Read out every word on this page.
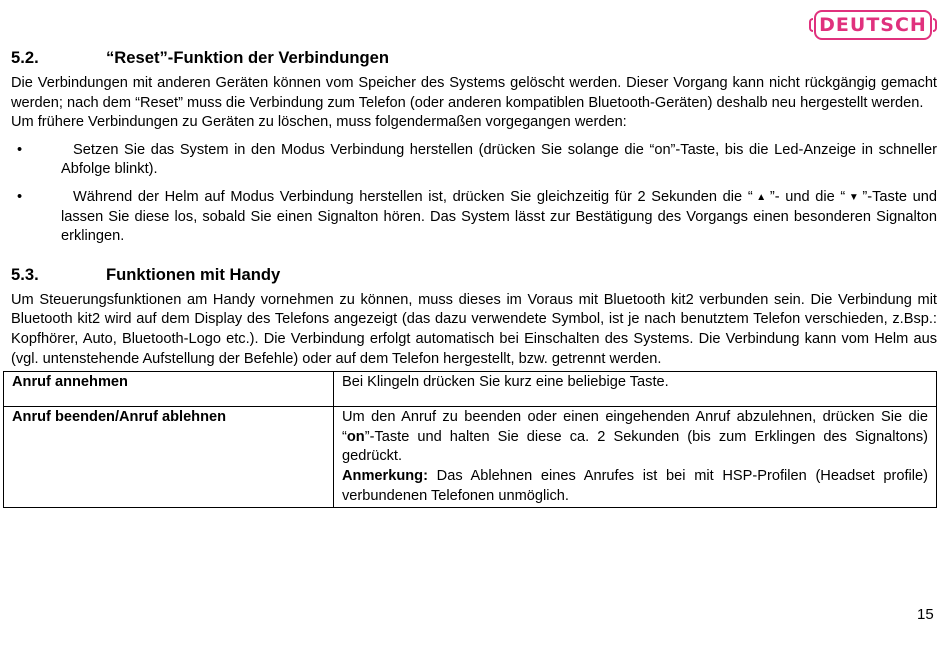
DEUTSCH
5.2.	“Reset”-Funktion der Verbindungen

Die Verbindungen mit anderen Geräten können vom Speicher des Systems gelöscht werden. Dieser Vorgang kann nicht rückgängig gemacht werden; nach dem “Reset” muss die Verbindung zum Telefon (oder anderen kompatiblen Bluetooth-Geräten) deshalb neu hergestellt werden.

Um frühere Verbindungen zu Geräten zu löschen, muss folgendermaßen vorgegangen werden:

•	Setzen Sie das System in den Modus Verbindung herstellen (drücken Sie solange die “on”-Taste, bis die Led-Anzeige in schneller Abfolge blinkt).
•	Während der Helm auf Modus Verbindung herstellen ist, drücken Sie gleichzeitig für 2 Sekunden die “ ▲ ”- und die “ ▼ ”-Taste und lassen Sie diese los, sobald Sie einen Signalton hören. Das System lässt zur Bestätigung des Vorgangs einen besonderen Signalton erklingen.
5.3.	Funktionen mit Handy

Um Steuerungsfunktionen am Handy vornehmen zu können, muss dieses im Voraus mit Bluetooth kit2 verbunden sein. Die Verbindung mit Bluetooth kit2 wird auf dem Display des Telefons angezeigt (das dazu verwendete Symbol, ist je nach benutztem Telefon verschieden, z.Bsp.: Kopfhörer, Auto, Bluetooth-Logo etc.). Die Verbindung erfolgt automatisch bei Einschalten des Systems. Die Verbindung kann vom Helm aus (vgl. untenstehende Aufstellung der Befehle) oder auf dem Telefon hergestellt, bzw. getrennt werden.

Anruf annehmen	Bei Klingeln drücken Sie kurz eine beliebige Taste.
Anruf beenden/Anruf ablehnen	Um den Anruf zu beenden oder einen eingehenden Anruf abzulehnen, drücken Sie die “on”-Taste und halten Sie diese ca. 2 Sekunden (bis zum Erklingen des Signaltons) gedrückt.
Anmerkung: Das Ablehnen eines Anrufes ist bei mit HSP-Profilen (Headset profile) verbundenen Telefonen unmöglich.
15
